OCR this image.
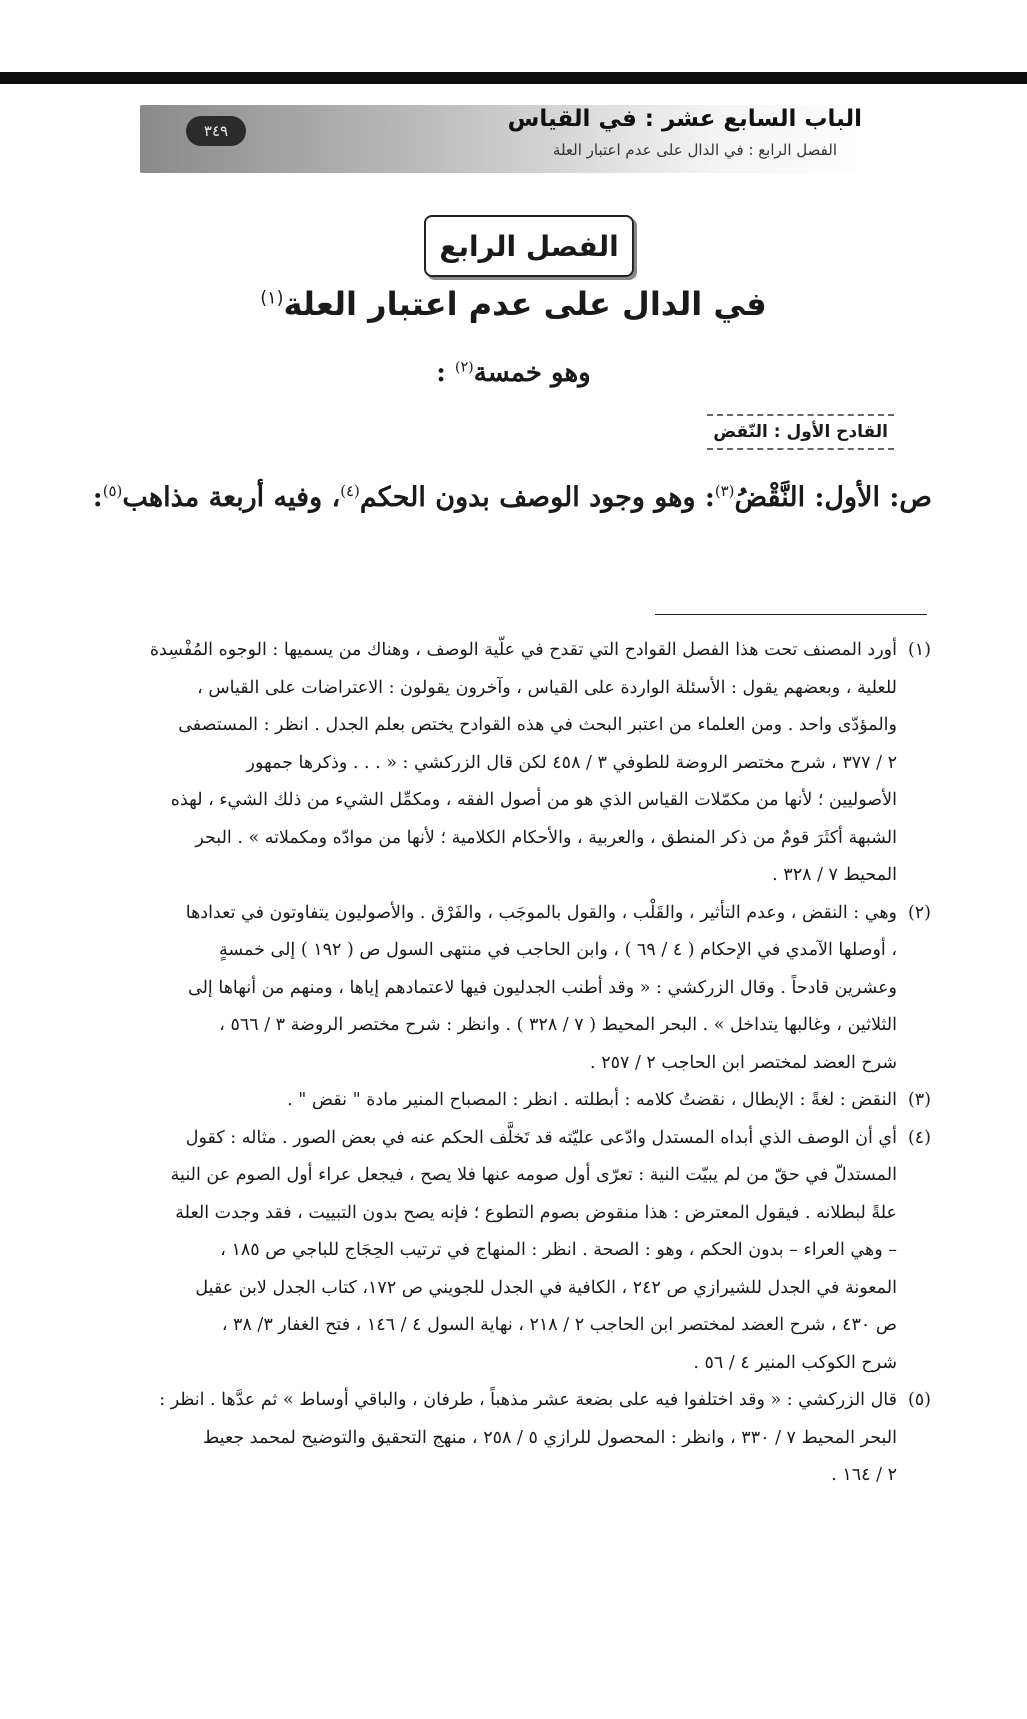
الباب السابع عشر : في القياس
الفصل الرابع : في الدال على عدم اعتبار العلة
٣٤٩
الفصل الرابع
في الدال على عدم اعتبار العلة$^{(١)}$
وهو خمسة$^{(٢)}$ :
القادح الأول : النّقض
ص: الأول: النَّقْضُ$^{(٣)}$: وهو وجود الوصف بدون الحكم$^{(٤)}$، وفيه أربعة مذاهب$^{(٥)}$:
(١)
أورد المصنف تحت هذا الفصل القوادح التي تقدح في علّية الوصف ، وهناك من يسميها : الوجوه المُفْسِدة
للعلية ، وبعضهم يقول : الأسئلة الواردة على القياس ، وآخرون يقولون : الاعتراضات على القياس ،
والمؤدّى واحد . ومن العلماء من اعتبر البحث في هذه القوادح يختص بعلم الجدل . انظر : المستصفى
٢ / ٣٧٧ ، شرح مختصر الروضة للطوفي ٣ / ٤٥٨ لكن قال الزركشي : « . . . وذكرها جمهور
الأصوليين ؛ لأنها من مكمّلات القياس الذي هو من أصول الفقه ، ومكمِّل الشيء من ذلك الشيء ، لهذه
الشبهة أكثَرَ قومٌ من ذكر المنطق ، والعربية ، والأحكام الكلامية ؛ لأنها من موادّه ومكملاته » . البحر
المحيط ٧ / ٣٢٨ .
(٢)
وهي : النقض ، وعدم التأثير ، والقَلْب ، والقول بالموجَب ، والفَرْق . والأصوليون يتفاوتون في تعدادها
، أوصلها الآمدي في الإحكام ( ٤ / ٦٩ ) ، وابن الحاجب في منتهى السول ص ( ١٩٢ ) إلى خمسةٍ
وعشرين قادحاً . وقال الزركشي : « وقد أطنب الجدليون فيها لاعتمادهم إياها ، ومنهم من أنهاها إلى
الثلاثين ، وغالبها يتداخل » . البحر المحيط ( ٧ / ٣٢٨ ) . وانظر : شرح مختصر الروضة ٣ / ٥٦٦ ،
شرح العضد لمختصر ابن الحاجب ٢ / ٢٥٧ .
(٣)
النقض : لغةً : الإبطال ، نقضتُ كلامه : أبطلته . انظر : المصباح المنير مادة " نقض " .
(٤)
أي أن الوصف الذي أبداه المستدل وادّعى عليّته قد تَخلَّف الحكم عنه في بعض الصور . مثاله : كقول
المستدلّ في حقّ من لم يبيّت النية : تعرّى أول صومه عنها فلا يصح ، فيجعل عراء أول الصوم عن النية
علةً لبطلانه . فيقول المعترض : هذا منقوض بصوم التطوع ؛ فإنه يصح بدون التبييت ، فقد وجدت العلة
– وهي العراء – بدون الحكم ، وهو : الصحة . انظر : المنهاج في ترتيب الحِجَاج للباجي ص ١٨٥ ،
المعونة في الجدل للشيرازي ص ٢٤٢ ، الكافية في الجدل للجويني ص ١٧٢، كتاب الجدل لابن عقيل
ص ٤٣٠ ، شرح العضد لمختصر ابن الحاجب ٢ / ٢١٨ ، نهاية السول ٤ / ١٤٦ ، فتح الغفار ٣/ ٣٨ ،
شرح الكوكب المنير ٤ / ٥٦ .
(٥)
قال الزركشي : « وقد اختلفوا فيه على بضعة عشر مذهباً ، طرفان ، والباقي أوساط » ثم عدَّها . انظر :
البحر المحيط ٧ / ٣٣٠ ، وانظر : المحصول للرازي ٥ / ٢٥٨ ، منهج التحقيق والتوضيح لمحمد جعيط
٢ / ١٦٤ .
